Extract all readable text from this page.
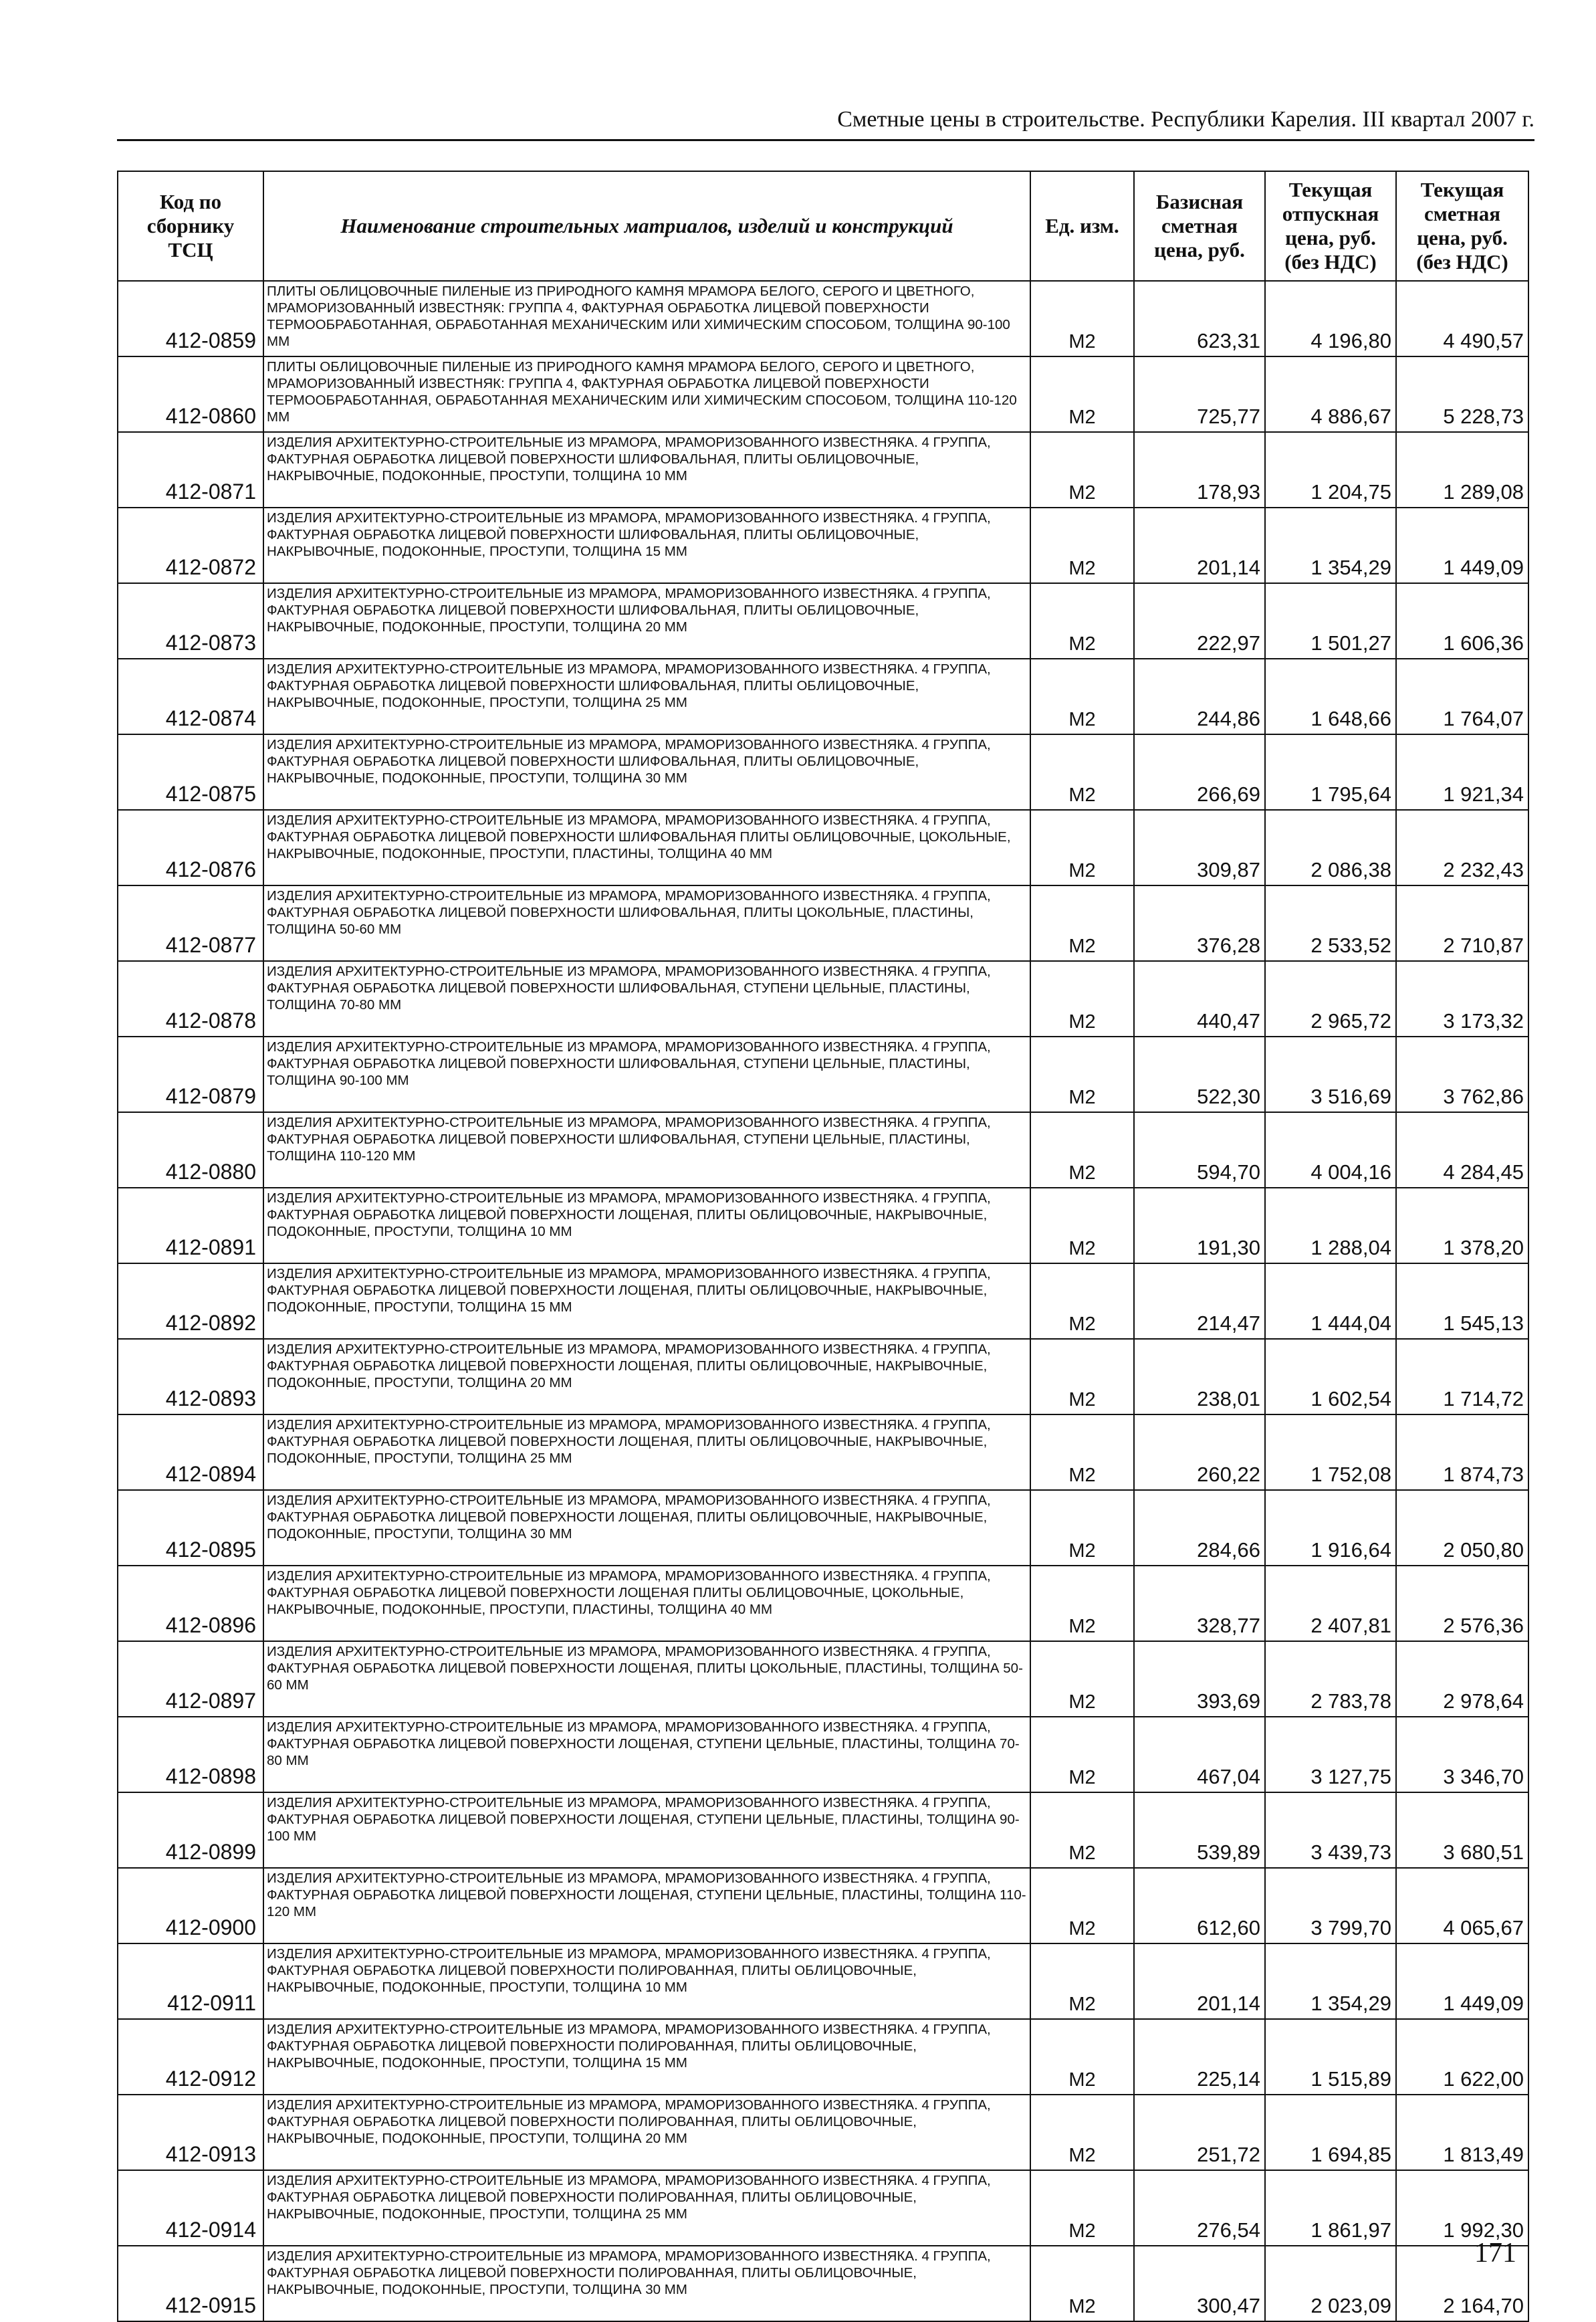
Сметные цены в строительстве. Республики Карелия. III квартал 2007 г.
Код по сборнику ТСЦ	Наименование строительных матриалов, изделий и конструкций	Ед. изм.	Базисная сметная цена, руб.	Текущая отпускная цена, руб. (без НДС)	Текущая сметная цена, руб. (без НДС)
412-0859	ПЛИТЫ ОБЛИЦОВОЧНЫЕ ПИЛЕНЫЕ ИЗ ПРИРОДНОГО КАМНЯ МРАМОРА БЕЛОГО, СЕРОГО И ЦВЕТНОГО, МРАМОРИЗОВАННЫЙ ИЗВЕСТНЯК: ГРУППА 4, ФАКТУРНАЯ ОБРАБОТКА ЛИЦЕВОЙ ПОВЕРХНОСТИ ТЕРМООБРАБОТАННАЯ, ОБРАБОТАННАЯ МЕХАНИЧЕСКИМ ИЛИ ХИМИЧЕСКИМ СПОСОБОМ, ТОЛЩИНА 90-100 ММ	М2	623,31	4 196,80	4 490,57
412-0860	ПЛИТЫ ОБЛИЦОВОЧНЫЕ ПИЛЕНЫЕ ИЗ ПРИРОДНОГО КАМНЯ МРАМОРА БЕЛОГО, СЕРОГО И ЦВЕТНОГО, МРАМОРИЗОВАННЫЙ ИЗВЕСТНЯК: ГРУППА 4, ФАКТУРНАЯ ОБРАБОТКА ЛИЦЕВОЙ ПОВЕРХНОСТИ ТЕРМООБРАБОТАННАЯ, ОБРАБОТАННАЯ МЕХАНИЧЕСКИМ ИЛИ ХИМИЧЕСКИМ СПОСОБОМ, ТОЛЩИНА 110-120 ММ	М2	725,77	4 886,67	5 228,73
412-0871	ИЗДЕЛИЯ АРХИТЕКТУРНО-СТРОИТЕЛЬНЫЕ ИЗ МРАМОРА, МРАМОРИЗОВАННОГО ИЗВЕСТНЯКА. 4 ГРУППА, ФАКТУРНАЯ ОБРАБОТКА ЛИЦЕВОЙ ПОВЕРХНОСТИ ШЛИФОВАЛЬНАЯ, ПЛИТЫ ОБЛИЦОВОЧНЫЕ, НАКРЫВОЧНЫЕ, ПОДОКОННЫЕ, ПРОСТУПИ, ТОЛЩИНА 10 ММ	М2	178,93	1 204,75	1 289,08
412-0872	ИЗДЕЛИЯ АРХИТЕКТУРНО-СТРОИТЕЛЬНЫЕ ИЗ МРАМОРА, МРАМОРИЗОВАННОГО ИЗВЕСТНЯКА. 4 ГРУППА, ФАКТУРНАЯ ОБРАБОТКА ЛИЦЕВОЙ ПОВЕРХНОСТИ ШЛИФОВАЛЬНАЯ, ПЛИТЫ ОБЛИЦОВОЧНЫЕ, НАКРЫВОЧНЫЕ, ПОДОКОННЫЕ, ПРОСТУПИ, ТОЛЩИНА 15 ММ	М2	201,14	1 354,29	1 449,09
412-0873	ИЗДЕЛИЯ АРХИТЕКТУРНО-СТРОИТЕЛЬНЫЕ ИЗ МРАМОРА, МРАМОРИЗОВАННОГО ИЗВЕСТНЯКА. 4 ГРУППА, ФАКТУРНАЯ ОБРАБОТКА ЛИЦЕВОЙ ПОВЕРХНОСТИ ШЛИФОВАЛЬНАЯ, ПЛИТЫ ОБЛИЦОВОЧНЫЕ, НАКРЫВОЧНЫЕ, ПОДОКОННЫЕ, ПРОСТУПИ, ТОЛЩИНА 20 ММ	М2	222,97	1 501,27	1 606,36
412-0874	ИЗДЕЛИЯ АРХИТЕКТУРНО-СТРОИТЕЛЬНЫЕ ИЗ МРАМОРА, МРАМОРИЗОВАННОГО ИЗВЕСТНЯКА. 4 ГРУППА, ФАКТУРНАЯ ОБРАБОТКА ЛИЦЕВОЙ ПОВЕРХНОСТИ ШЛИФОВАЛЬНАЯ, ПЛИТЫ ОБЛИЦОВОЧНЫЕ, НАКРЫВОЧНЫЕ, ПОДОКОННЫЕ, ПРОСТУПИ, ТОЛЩИНА 25 ММ	М2	244,86	1 648,66	1 764,07
412-0875	ИЗДЕЛИЯ АРХИТЕКТУРНО-СТРОИТЕЛЬНЫЕ ИЗ МРАМОРА, МРАМОРИЗОВАННОГО ИЗВЕСТНЯКА. 4 ГРУППА, ФАКТУРНАЯ ОБРАБОТКА ЛИЦЕВОЙ ПОВЕРХНОСТИ ШЛИФОВАЛЬНАЯ, ПЛИТЫ ОБЛИЦОВОЧНЫЕ, НАКРЫВОЧНЫЕ, ПОДОКОННЫЕ, ПРОСТУПИ, ТОЛЩИНА 30 ММ	М2	266,69	1 795,64	1 921,34
412-0876	ИЗДЕЛИЯ АРХИТЕКТУРНО-СТРОИТЕЛЬНЫЕ ИЗ МРАМОРА, МРАМОРИЗОВАННОГО ИЗВЕСТНЯКА. 4 ГРУППА, ФАКТУРНАЯ ОБРАБОТКА ЛИЦЕВОЙ ПОВЕРХНОСТИ ШЛИФОВАЛЬНАЯ ПЛИТЫ ОБЛИЦОВОЧНЫЕ, ЦОКОЛЬНЫЕ, НАКРЫВОЧНЫЕ, ПОДОКОННЫЕ, ПРОСТУПИ, ПЛАСТИНЫ, ТОЛЩИНА 40 ММ	М2	309,87	2 086,38	2 232,43
412-0877	ИЗДЕЛИЯ АРХИТЕКТУРНО-СТРОИТЕЛЬНЫЕ ИЗ МРАМОРА, МРАМОРИЗОВАННОГО ИЗВЕСТНЯКА. 4 ГРУППА, ФАКТУРНАЯ ОБРАБОТКА ЛИЦЕВОЙ ПОВЕРХНОСТИ ШЛИФОВАЛЬНАЯ, ПЛИТЫ ЦОКОЛЬНЫЕ, ПЛАСТИНЫ, ТОЛЩИНА 50-60 ММ	М2	376,28	2 533,52	2 710,87
412-0878	ИЗДЕЛИЯ АРХИТЕКТУРНО-СТРОИТЕЛЬНЫЕ ИЗ МРАМОРА, МРАМОРИЗОВАННОГО ИЗВЕСТНЯКА. 4 ГРУППА, ФАКТУРНАЯ ОБРАБОТКА ЛИЦЕВОЙ ПОВЕРХНОСТИ ШЛИФОВАЛЬНАЯ, СТУПЕНИ ЦЕЛЬНЫЕ, ПЛАСТИНЫ, ТОЛЩИНА 70-80 ММ	М2	440,47	2 965,72	3 173,32
412-0879	ИЗДЕЛИЯ АРХИТЕКТУРНО-СТРОИТЕЛЬНЫЕ ИЗ МРАМОРА, МРАМОРИЗОВАННОГО ИЗВЕСТНЯКА. 4 ГРУППА, ФАКТУРНАЯ ОБРАБОТКА ЛИЦЕВОЙ ПОВЕРХНОСТИ ШЛИФОВАЛЬНАЯ, СТУПЕНИ ЦЕЛЬНЫЕ, ПЛАСТИНЫ, ТОЛЩИНА 90-100 ММ	М2	522,30	3 516,69	3 762,86
412-0880	ИЗДЕЛИЯ АРХИТЕКТУРНО-СТРОИТЕЛЬНЫЕ ИЗ МРАМОРА, МРАМОРИЗОВАННОГО ИЗВЕСТНЯКА. 4 ГРУППА, ФАКТУРНАЯ ОБРАБОТКА ЛИЦЕВОЙ ПОВЕРХНОСТИ ШЛИФОВАЛЬНАЯ, СТУПЕНИ ЦЕЛЬНЫЕ, ПЛАСТИНЫ, ТОЛЩИНА 110-120 ММ	М2	594,70	4 004,16	4 284,45
412-0891	ИЗДЕЛИЯ АРХИТЕКТУРНО-СТРОИТЕЛЬНЫЕ ИЗ МРАМОРА, МРАМОРИЗОВАННОГО ИЗВЕСТНЯКА. 4 ГРУППА, ФАКТУРНАЯ ОБРАБОТКА ЛИЦЕВОЙ ПОВЕРХНОСТИ ЛОЩЕНАЯ, ПЛИТЫ ОБЛИЦОВОЧНЫЕ, НАКРЫВОЧНЫЕ, ПОДОКОННЫЕ, ПРОСТУПИ, ТОЛЩИНА 10 ММ	М2	191,30	1 288,04	1 378,20
412-0892	ИЗДЕЛИЯ АРХИТЕКТУРНО-СТРОИТЕЛЬНЫЕ ИЗ МРАМОРА, МРАМОРИЗОВАННОГО ИЗВЕСТНЯКА. 4 ГРУППА, ФАКТУРНАЯ ОБРАБОТКА ЛИЦЕВОЙ ПОВЕРХНОСТИ ЛОЩЕНАЯ, ПЛИТЫ ОБЛИЦОВОЧНЫЕ, НАКРЫВОЧНЫЕ, ПОДОКОННЫЕ, ПРОСТУПИ, ТОЛЩИНА 15 ММ	М2	214,47	1 444,04	1 545,13
412-0893	ИЗДЕЛИЯ АРХИТЕКТУРНО-СТРОИТЕЛЬНЫЕ ИЗ МРАМОРА, МРАМОРИЗОВАННОГО ИЗВЕСТНЯКА. 4 ГРУППА, ФАКТУРНАЯ ОБРАБОТКА ЛИЦЕВОЙ ПОВЕРХНОСТИ ЛОЩЕНАЯ, ПЛИТЫ ОБЛИЦОВОЧНЫЕ, НАКРЫВОЧНЫЕ, ПОДОКОННЫЕ, ПРОСТУПИ, ТОЛЩИНА 20 ММ	М2	238,01	1 602,54	1 714,72
412-0894	ИЗДЕЛИЯ АРХИТЕКТУРНО-СТРОИТЕЛЬНЫЕ ИЗ МРАМОРА, МРАМОРИЗОВАННОГО ИЗВЕСТНЯКА. 4 ГРУППА, ФАКТУРНАЯ ОБРАБОТКА ЛИЦЕВОЙ ПОВЕРХНОСТИ ЛОЩЕНАЯ, ПЛИТЫ ОБЛИЦОВОЧНЫЕ, НАКРЫВОЧНЫЕ, ПОДОКОННЫЕ, ПРОСТУПИ, ТОЛЩИНА 25 ММ	М2	260,22	1 752,08	1 874,73
412-0895	ИЗДЕЛИЯ АРХИТЕКТУРНО-СТРОИТЕЛЬНЫЕ ИЗ МРАМОРА, МРАМОРИЗОВАННОГО ИЗВЕСТНЯКА. 4 ГРУППА, ФАКТУРНАЯ ОБРАБОТКА ЛИЦЕВОЙ ПОВЕРХНОСТИ ЛОЩЕНАЯ, ПЛИТЫ ОБЛИЦОВОЧНЫЕ, НАКРЫВОЧНЫЕ, ПОДОКОННЫЕ, ПРОСТУПИ, ТОЛЩИНА 30 ММ	М2	284,66	1 916,64	2 050,80
412-0896	ИЗДЕЛИЯ АРХИТЕКТУРНО-СТРОИТЕЛЬНЫЕ ИЗ МРАМОРА, МРАМОРИЗОВАННОГО ИЗВЕСТНЯКА. 4 ГРУППА, ФАКТУРНАЯ ОБРАБОТКА ЛИЦЕВОЙ ПОВЕРХНОСТИ ЛОЩЕНАЯ ПЛИТЫ ОБЛИЦОВОЧНЫЕ, ЦОКОЛЬНЫЕ, НАКРЫВОЧНЫЕ, ПОДОКОННЫЕ, ПРОСТУПИ, ПЛАСТИНЫ, ТОЛЩИНА 40 ММ	М2	328,77	2 407,81	2 576,36
412-0897	ИЗДЕЛИЯ АРХИТЕКТУРНО-СТРОИТЕЛЬНЫЕ ИЗ МРАМОРА, МРАМОРИЗОВАННОГО ИЗВЕСТНЯКА. 4 ГРУППА, ФАКТУРНАЯ ОБРАБОТКА ЛИЦЕВОЙ ПОВЕРХНОСТИ ЛОЩЕНАЯ, ПЛИТЫ ЦОКОЛЬНЫЕ, ПЛАСТИНЫ, ТОЛЩИНА 50-60 ММ	М2	393,69	2 783,78	2 978,64
412-0898	ИЗДЕЛИЯ АРХИТЕКТУРНО-СТРОИТЕЛЬНЫЕ ИЗ МРАМОРА, МРАМОРИЗОВАННОГО ИЗВЕСТНЯКА. 4 ГРУППА, ФАКТУРНАЯ ОБРАБОТКА ЛИЦЕВОЙ ПОВЕРХНОСТИ ЛОЩЕНАЯ, СТУПЕНИ ЦЕЛЬНЫЕ, ПЛАСТИНЫ, ТОЛЩИНА 70-80 ММ	М2	467,04	3 127,75	3 346,70
412-0899	ИЗДЕЛИЯ АРХИТЕКТУРНО-СТРОИТЕЛЬНЫЕ ИЗ МРАМОРА, МРАМОРИЗОВАННОГО ИЗВЕСТНЯКА. 4 ГРУППА, ФАКТУРНАЯ ОБРАБОТКА ЛИЦЕВОЙ ПОВЕРХНОСТИ ЛОЩЕНАЯ, СТУПЕНИ ЦЕЛЬНЫЕ, ПЛАСТИНЫ, ТОЛЩИНА 90-100 ММ	М2	539,89	3 439,73	3 680,51
412-0900	ИЗДЕЛИЯ АРХИТЕКТУРНО-СТРОИТЕЛЬНЫЕ ИЗ МРАМОРА, МРАМОРИЗОВАННОГО ИЗВЕСТНЯКА. 4 ГРУППА, ФАКТУРНАЯ ОБРАБОТКА ЛИЦЕВОЙ ПОВЕРХНОСТИ ЛОЩЕНАЯ, СТУПЕНИ ЦЕЛЬНЫЕ, ПЛАСТИНЫ, ТОЛЩИНА 110-120 ММ	М2	612,60	3 799,70	4 065,67
412-0911	ИЗДЕЛИЯ АРХИТЕКТУРНО-СТРОИТЕЛЬНЫЕ ИЗ МРАМОРА, МРАМОРИЗОВАННОГО ИЗВЕСТНЯКА. 4 ГРУППА, ФАКТУРНАЯ ОБРАБОТКА ЛИЦЕВОЙ ПОВЕРХНОСТИ ПОЛИРОВАННАЯ, ПЛИТЫ ОБЛИЦОВОЧНЫЕ, НАКРЫВОЧНЫЕ, ПОДОКОННЫЕ, ПРОСТУПИ, ТОЛЩИНА 10 ММ	М2	201,14	1 354,29	1 449,09
412-0912	ИЗДЕЛИЯ АРХИТЕКТУРНО-СТРОИТЕЛЬНЫЕ ИЗ МРАМОРА, МРАМОРИЗОВАННОГО ИЗВЕСТНЯКА. 4 ГРУППА, ФАКТУРНАЯ ОБРАБОТКА ЛИЦЕВОЙ ПОВЕРХНОСТИ ПОЛИРОВАННАЯ, ПЛИТЫ ОБЛИЦОВОЧНЫЕ, НАКРЫВОЧНЫЕ, ПОДОКОННЫЕ, ПРОСТУПИ, ТОЛЩИНА 15 ММ	М2	225,14	1 515,89	1 622,00
412-0913	ИЗДЕЛИЯ АРХИТЕКТУРНО-СТРОИТЕЛЬНЫЕ ИЗ МРАМОРА, МРАМОРИЗОВАННОГО ИЗВЕСТНЯКА. 4 ГРУППА, ФАКТУРНАЯ ОБРАБОТКА ЛИЦЕВОЙ ПОВЕРХНОСТИ ПОЛИРОВАННАЯ, ПЛИТЫ ОБЛИЦОВОЧНЫЕ, НАКРЫВОЧНЫЕ, ПОДОКОННЫЕ, ПРОСТУПИ, ТОЛЩИНА 20 ММ	М2	251,72	1 694,85	1 813,49
412-0914	ИЗДЕЛИЯ АРХИТЕКТУРНО-СТРОИТЕЛЬНЫЕ ИЗ МРАМОРА, МРАМОРИЗОВАННОГО ИЗВЕСТНЯКА. 4 ГРУППА, ФАКТУРНАЯ ОБРАБОТКА ЛИЦЕВОЙ ПОВЕРХНОСТИ ПОЛИРОВАННАЯ, ПЛИТЫ ОБЛИЦОВОЧНЫЕ, НАКРЫВОЧНЫЕ, ПОДОКОННЫЕ, ПРОСТУПИ, ТОЛЩИНА 25 ММ	М2	276,54	1 861,97	1 992,30
412-0915	ИЗДЕЛИЯ АРХИТЕКТУРНО-СТРОИТЕЛЬНЫЕ ИЗ МРАМОРА, МРАМОРИЗОВАННОГО ИЗВЕСТНЯКА. 4 ГРУППА, ФАКТУРНАЯ ОБРАБОТКА ЛИЦЕВОЙ ПОВЕРХНОСТИ ПОЛИРОВАННАЯ, ПЛИТЫ ОБЛИЦОВОЧНЫЕ, НАКРЫВОЧНЫЕ, ПОДОКОННЫЕ, ПРОСТУПИ, ТОЛЩИНА 30 ММ	М2	300,47	2 023,09	2 164,70
171
